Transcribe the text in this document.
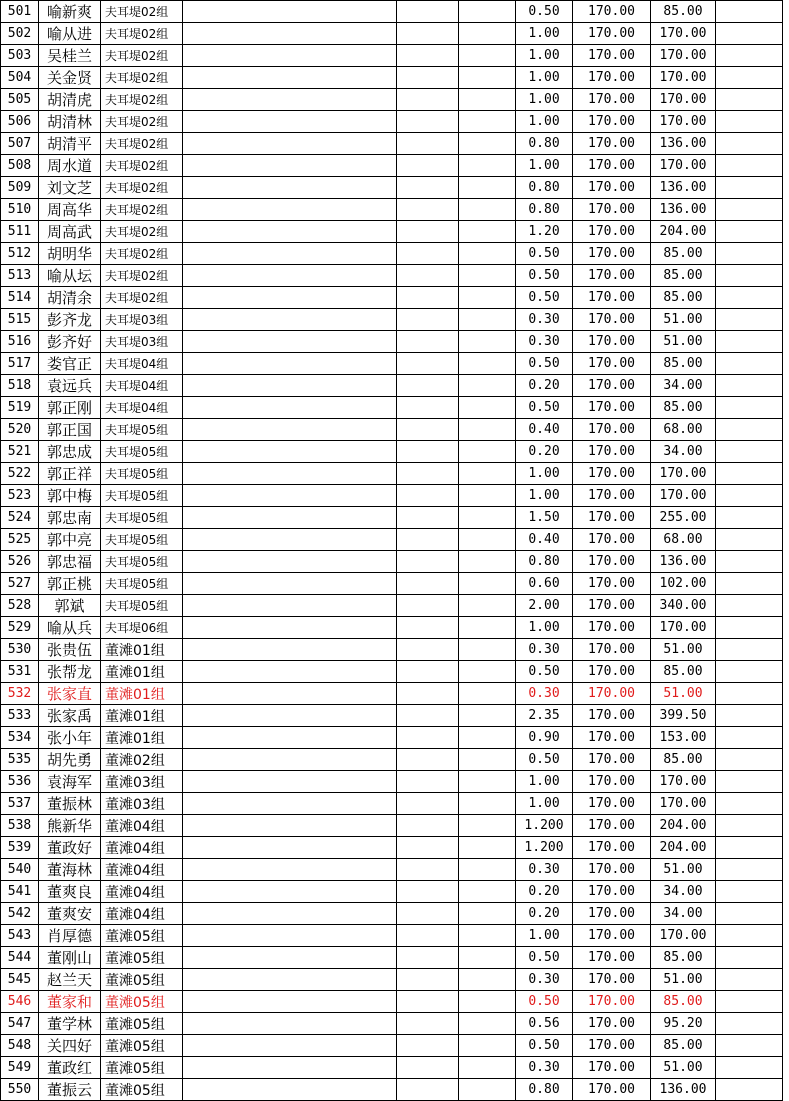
501	喻新爽	夫耳堤02组				0.50	170.00	85.00	
502	喻从进	夫耳堤02组				1.00	170.00	170.00	
503	吴桂兰	夫耳堤02组				1.00	170.00	170.00	
504	关金贤	夫耳堤02组				1.00	170.00	170.00	
505	胡清虎	夫耳堤02组				1.00	170.00	170.00	
506	胡清林	夫耳堤02组				1.00	170.00	170.00	
507	胡清平	夫耳堤02组				0.80	170.00	136.00	
508	周水道	夫耳堤02组				1.00	170.00	170.00	
509	刘文芝	夫耳堤02组				0.80	170.00	136.00	
510	周高华	夫耳堤02组				0.80	170.00	136.00	
511	周高武	夫耳堤02组				1.20	170.00	204.00	
512	胡明华	夫耳堤02组				0.50	170.00	85.00	
513	喻从坛	夫耳堤02组				0.50	170.00	85.00	
514	胡清余	夫耳堤02组				0.50	170.00	85.00	
515	彭齐龙	夫耳堤03组				0.30	170.00	51.00	
516	彭齐好	夫耳堤03组				0.30	170.00	51.00	
517	娄官正	夫耳堤04组				0.50	170.00	85.00	
518	袁远兵	夫耳堤04组				0.20	170.00	34.00	
519	郭正刚	夫耳堤04组				0.50	170.00	85.00	
520	郭正国	夫耳堤05组				0.40	170.00	68.00	
521	郭忠成	夫耳堤05组				0.20	170.00	34.00	
522	郭正祥	夫耳堤05组				1.00	170.00	170.00	
523	郭中梅	夫耳堤05组				1.00	170.00	170.00	
524	郭忠南	夫耳堤05组				1.50	170.00	255.00	
525	郭中亮	夫耳堤05组				0.40	170.00	68.00	
526	郭忠福	夫耳堤05组				0.80	170.00	136.00	
527	郭正桃	夫耳堤05组				0.60	170.00	102.00	
528	郭斌	夫耳堤05组				2.00	170.00	340.00	
529	喻从兵	夫耳堤06组				1.00	170.00	170.00	
530	张贵伍	董滩01组				0.30	170.00	51.00	
531	张帮龙	董滩01组				0.50	170.00	85.00	
532	张家直	董滩01组				0.30	170.00	51.00	
533	张家禹	董滩01组				2.35	170.00	399.50	
534	张小年	董滩01组				0.90	170.00	153.00	
535	胡先勇	董滩02组				0.50	170.00	85.00	
536	袁海军	董滩03组				1.00	170.00	170.00	
537	董振林	董滩03组				1.00	170.00	170.00	
538	熊新华	董滩04组				1.200	170.00	204.00	
539	董政好	董滩04组				1.200	170.00	204.00	
540	董海林	董滩04组				0.30	170.00	51.00	
541	董爽良	董滩04组				0.20	170.00	34.00	
542	董爽安	董滩04组				0.20	170.00	34.00	
543	肖厚德	董滩05组				1.00	170.00	170.00	
544	董刚山	董滩05组				0.50	170.00	85.00	
545	赵兰天	董滩05组				0.30	170.00	51.00	
546	董家和	董滩05组				0.50	170.00	85.00	
547	董学林	董滩05组				0.56	170.00	95.20	
548	关四好	董滩05组				0.50	170.00	85.00	
549	董政红	董滩05组				0.30	170.00	51.00	
550	董振云	董滩05组				0.80	170.00	136.00	
